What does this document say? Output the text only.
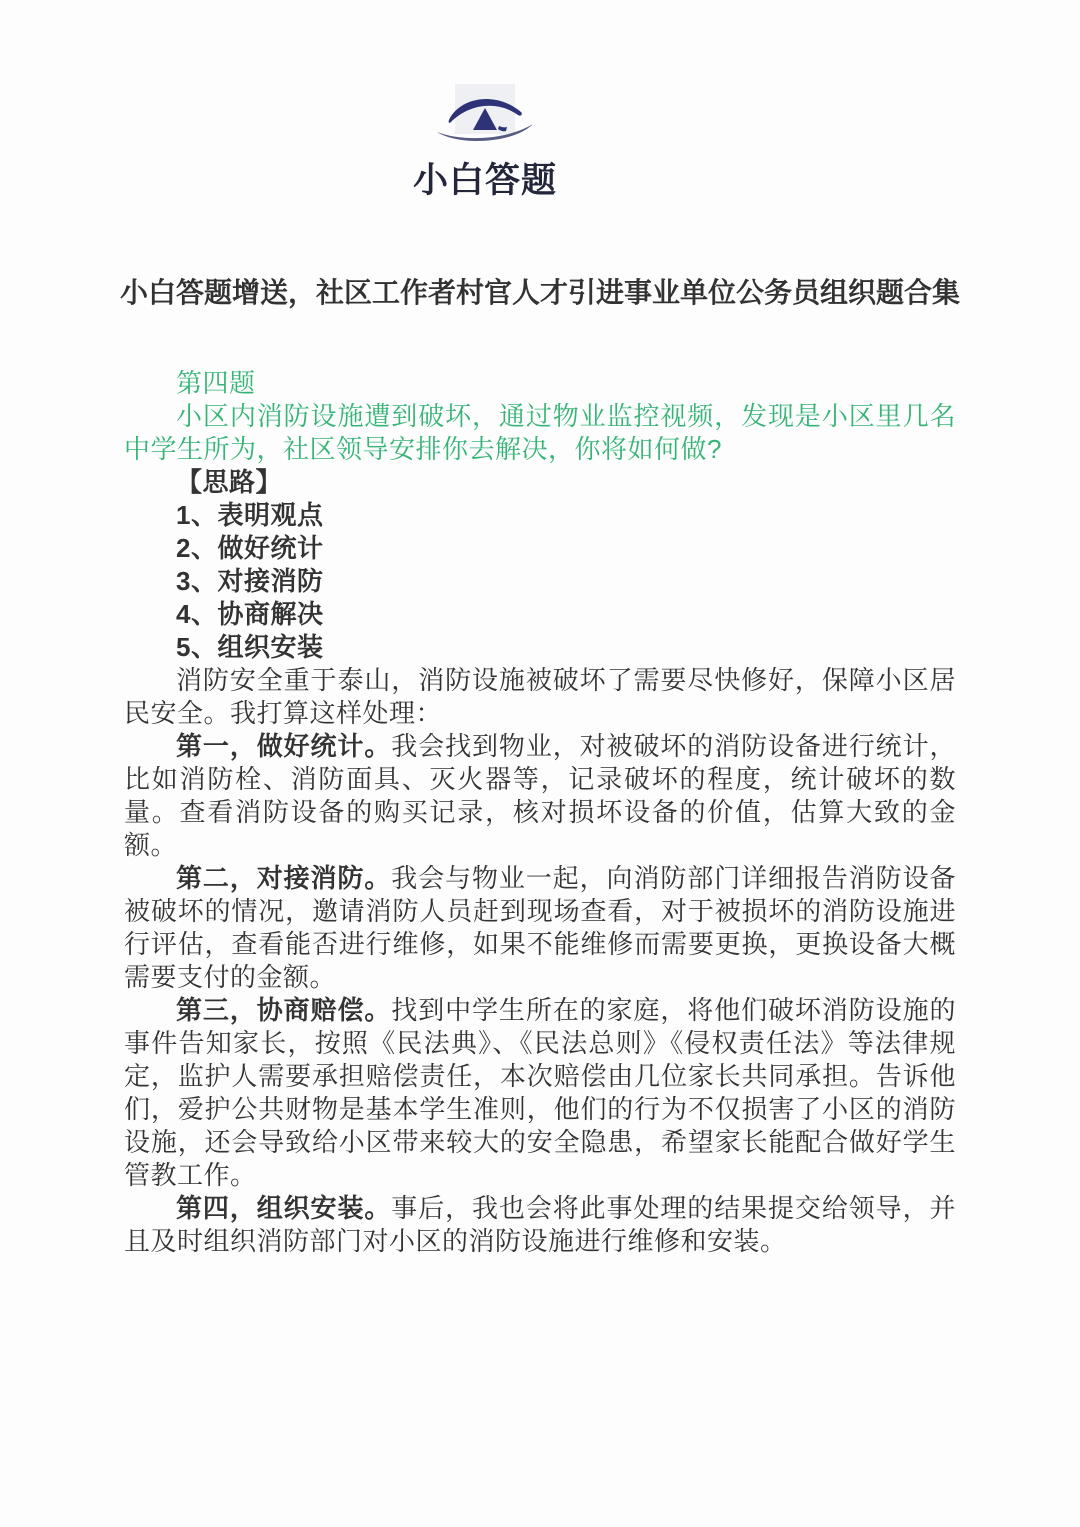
小白答题
小白答题增送，社区工作者村官人才引进事业单位公务员组织题合集
第四题

小区内消防设施遭到破坏，通过物业监控视频，发现是小区里几名中学生所为，社区领导安排你去解决，你将如何做?

【思路】
1、表明观点
2、做好统计
3、对接消防
4、协商解决
5、组织安装

消防安全重于泰山，消防设施被破坏了需要尽快修好，保障小区居民安全。我打算这样处理：

第一，做好统计。我会找到物业，对被破坏的消防设备进行统计，比如消防栓、消防面具、灭火器等，记录破坏的程度，统计破坏的数量。查看消防设备的购买记录，核对损坏设备的价值，估算大致的金额。

第二，对接消防。我会与物业一起，向消防部门详细报告消防设备被破坏的情况，邀请消防人员赶到现场查看，对于被损坏的消防设施进行评估，查看能否进行维修，如果不能维修而需要更换，更换设备大概需要支付的金额。

第三，协商赔偿。找到中学生所在的家庭，将他们破坏消防设施的事件告知家长，按照《民法典》、《民法总则》《侵权责任法》等法律规定，监护人需要承担赔偿责任，本次赔偿由几位家长共同承担。告诉他们，爱护公共财物是基本学生准则，他们的行为不仅损害了小区的消防设施，还会导致给小区带来较大的安全隐患，希望家长能配合做好学生管教工作。

第四，组织安装。事后，我也会将此事处理的结果提交给领导，并且及时组织消防部门对小区的消防设施进行维修和安装。
